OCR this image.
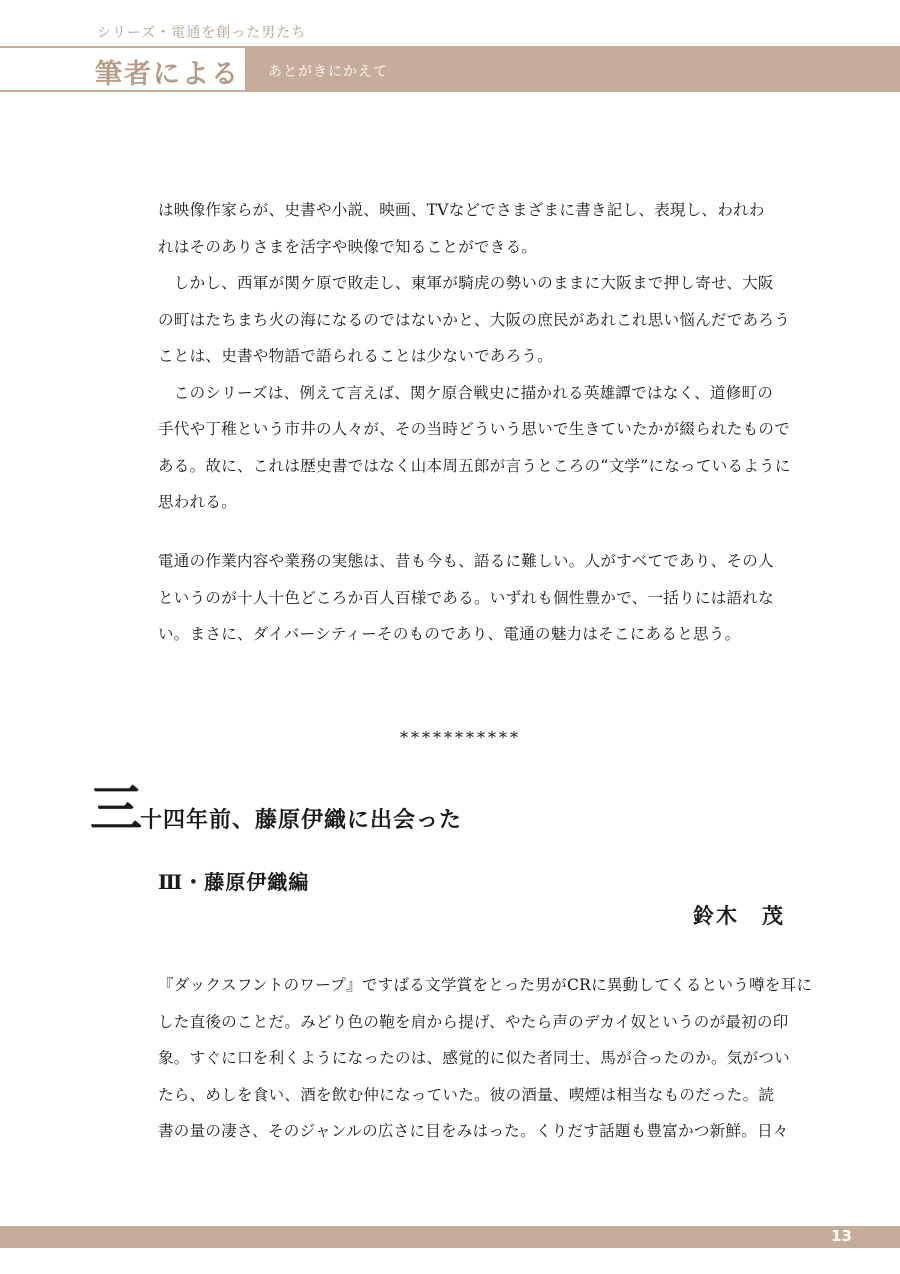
シリーズ・電通を創った男たち
筆者による あとがきにかえて

は映像作家らが、史書や小説、映画、TVなどでさまざまに書き記し、表現し、われわ

れはそのありさまを活字や映像で知ることができる。

　しかし、西軍が関ケ原で敗走し、東軍が騎虎の勢いのままに大阪まで押し寄せ、大阪

の町はたちまち火の海になるのではないかと、大阪の庶民があれこれ思い悩んだであろう

ことは、史書や物語で語られることは少ないであろう。

　このシリーズは、例えて言えば、関ケ原合戦史に描かれる英雄譚ではなく、道修町の

手代や丁稚という市井の人々が、その当時どういう思いで生きていたかが綴られたもので

ある。故に、これは歴史書ではなく山本周五郎が言うところの“文学”になっているように

思われる。

電通の作業内容や業務の実態は、昔も今も、語るに難しい。人がすべてであり、その人

というのが十人十色どころか百人百様である。いずれも個性豊かで、一括りには語れな

い。まさに、ダイバーシティーそのものであり、電通の魅力はそこにあると思う。

***********
三
十四年前、藤原伊織に出会った
Ⅲ・藤原伊織編
鈴木　茂

『ダックスフントのワープ』ですばる文学賞をとった男がCRに異動してくるという噂を耳に

した直後のことだ。みどり色の鞄を肩から提げ、やたら声のデカイ奴というのが最初の印

象。すぐに口を利くようになったのは、感覚的に似た者同士、馬が合ったのか。気がつい

たら、めしを食い、酒を飲む仲になっていた。彼の酒量、喫煙は相当なものだった。読

書の量の凄さ、そのジャンルの広さに目をみはった。くりだす話題も豊富かつ新鮮。日々

13
